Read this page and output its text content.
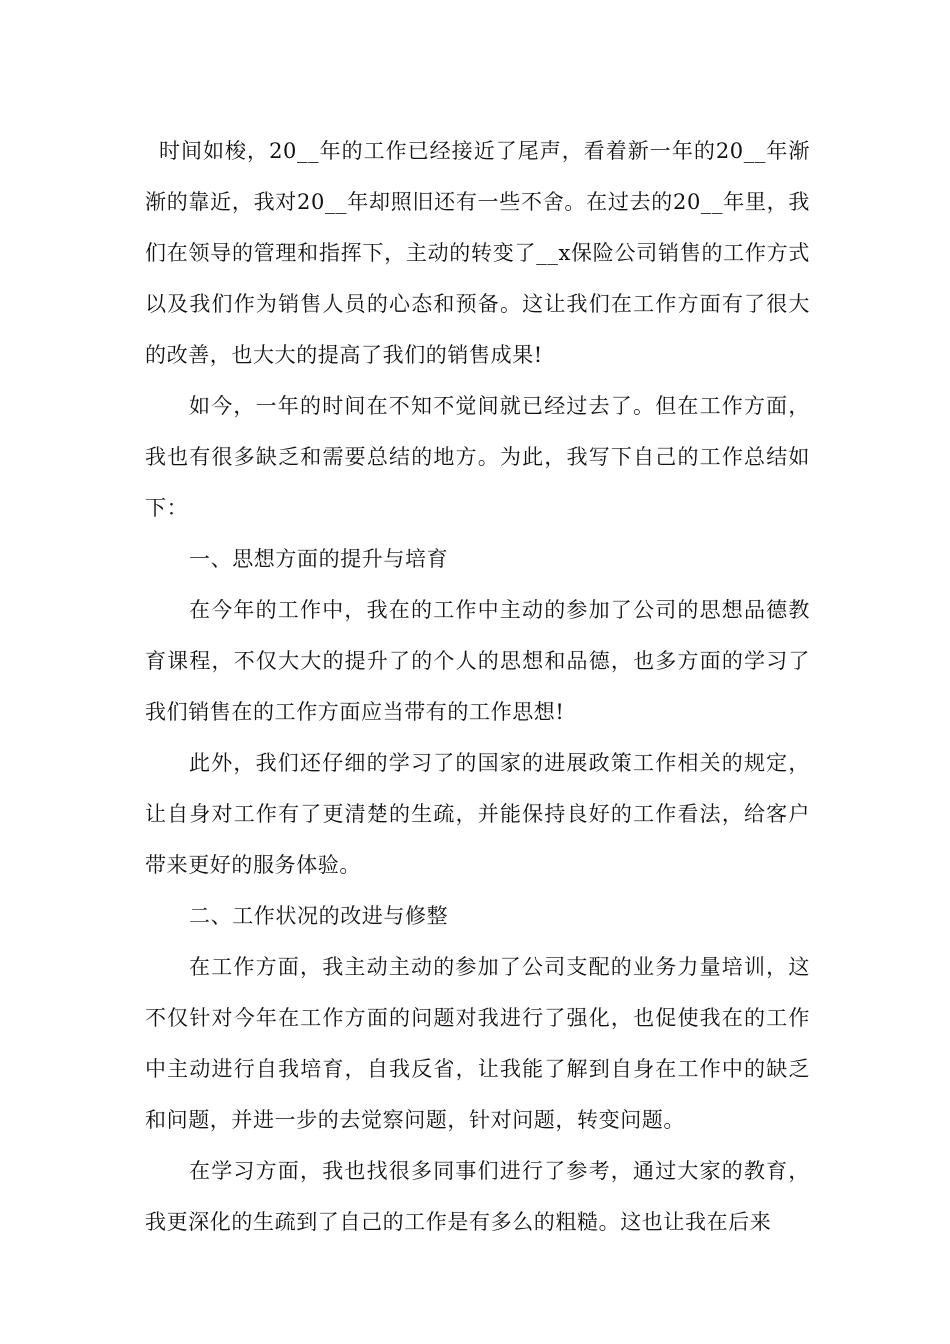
时间如梭，20__年的工作已经接近了尾声，看着新一年的20__年渐渐的靠近，我对20__年却照旧还有一些不舍。在过去的20__年里，我们在领导的管理和指挥下，主动的转变了__x保险公司销售的工作方式以及我们作为销售人员的心态和预备。这让我们在工作方面有了很大的改善，也大大的提高了我们的销售成果!

如今，一年的时间在不知不觉间就已经过去了。但在工作方面，我也有很多缺乏和需要总结的地方。为此，我写下自己的工作总结如下：

一、思想方面的提升与培育

在今年的工作中，我在的工作中主动的参加了公司的思想品德教育课程，不仅大大的提升了的个人的思想和品德，也多方面的学习了我们销售在的工作方面应当带有的工作思想!

此外，我们还仔细的学习了的国家的进展政策工作相关的规定，让自身对工作有了更清楚的生疏，并能保持良好的工作看法，给客户带来更好的服务体验。

二、工作状况的改进与修整

在工作方面，我主动主动的参加了公司支配的业务力量培训，这不仅针对今年在工作方面的问题对我进行了强化，也促使我在的工作中主动进行自我培育，自我反省，让我能了解到自身在工作中的缺乏和问题，并进一步的去觉察问题，针对问题，转变问题。

在学习方面，我也找很多同事们进行了参考，通过大家的教育，我更深化的生疏到了自己的工作是有多么的粗糙。这也让我在后来
